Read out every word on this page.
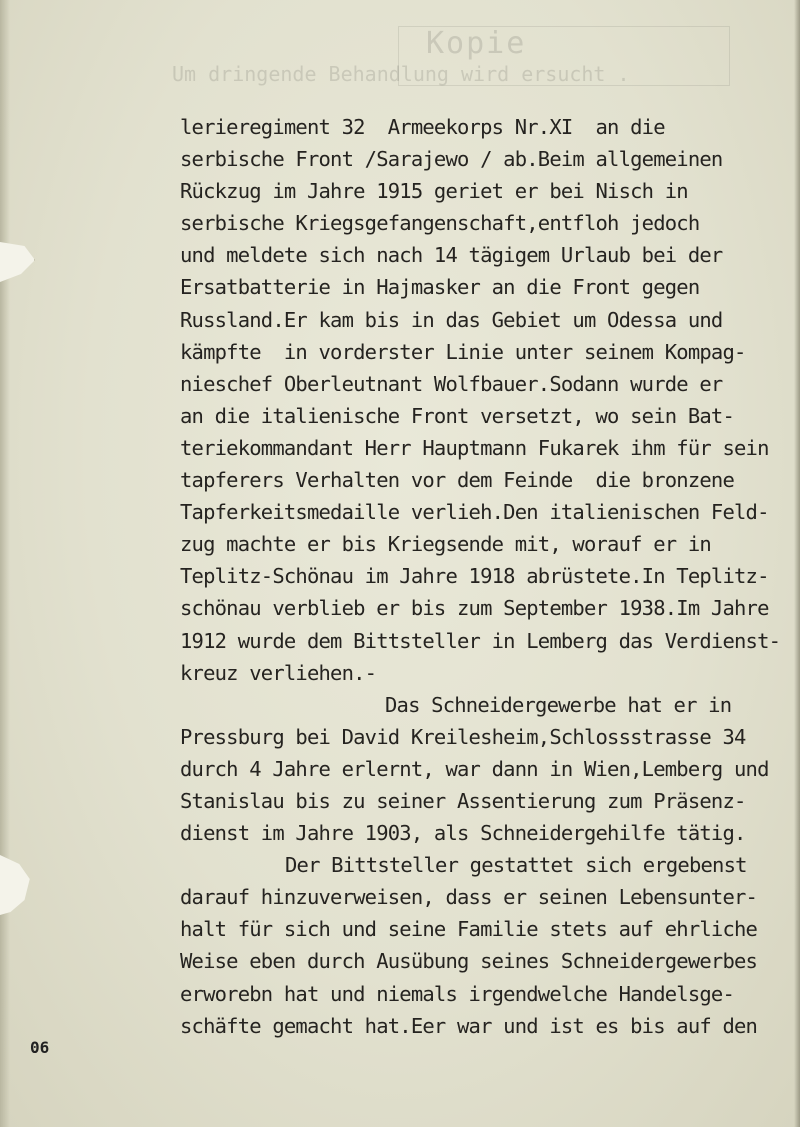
Kopie
Um dringende Behandlung wird ersucht .
lerieregiment 32  Armeekorps Nr.XI  an die
serbische Front /Sarajewo / ab.Beim allgemeinen
Rückzug im Jahre 1915 geriet er bei Nisch in
serbische Kriegsgefangenschaft,entfloh jedoch
und meldete sich nach 14 tägigem Urlaub bei der
Ersatbatterie in Hajmasker an die Front gegen
Russland.Er kam bis in das Gebiet um Odessa und
kämpfte  in vorderster Linie unter seinem Kompag-
nieschef Oberleutnant Wolfbauer.Sodann wurde er
an die italienische Front versetzt, wo sein Bat-
teriekommandant Herr Hauptmann Fukarek ihm für sein
tapferers Verhalten vor dem Feinde  die bronzene
Tapferkeitsmedaille verlieh.Den italienischen Feld-
zug machte er bis Kriegsende mit, worauf er in
Teplitz-Schönau im Jahre 1918 abrüstete.In Teplitz-
schönau verblieb er bis zum September 1938.Im Jahre
1912 wurde dem Bittsteller in Lemberg das Verdienst-
kreuz verliehen.-
Das Schneidergewerbe hat er in
Pressburg bei David Kreilesheim,Schlossstrasse 34
durch 4 Jahre erlernt, war dann in Wien,Lemberg und
Stanislau bis zu seiner Assentierung zum Präsenz-
dienst im Jahre 1903, als Schneidergehilfe tätig.
Der Bittsteller gestattet sich ergebenst
darauf hinzuverweisen, dass er seinen Lebensunter-
halt für sich und seine Familie stets auf ehrliche
Weise eben durch Ausübung seines Schneidergewerbes
erworebn hat und niemals irgendwelche Handelsge-
schäfte gemacht hat.Eer war und ist es bis auf den
06
